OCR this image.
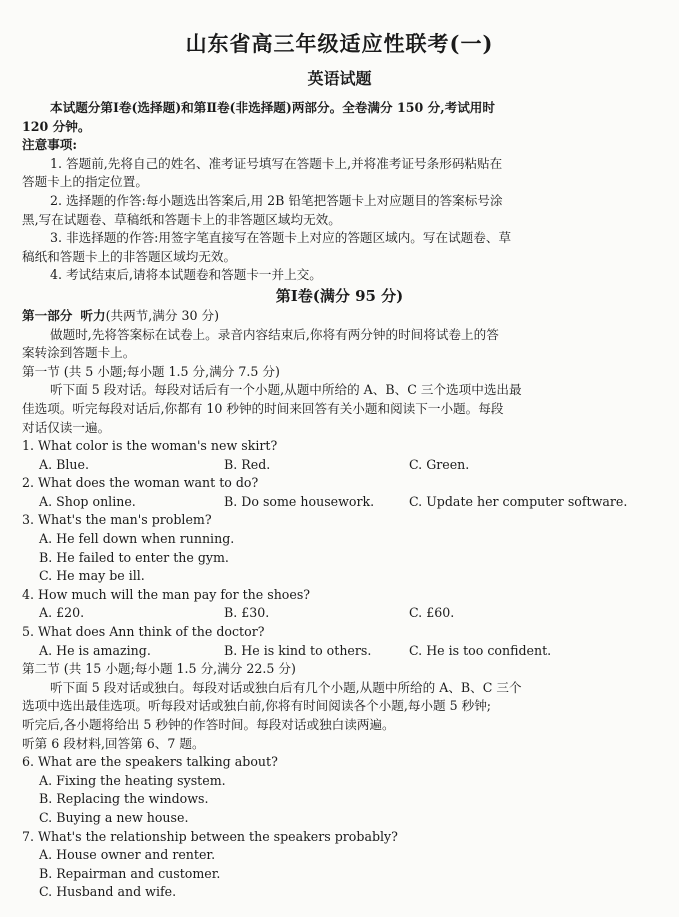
山东省高三年级适应性联考(一)
英语试题
本试题分第Ⅰ卷(选择题)和第Ⅱ卷(非选择题)两部分。全卷满分 150 分,考试用时
120 分钟。
注意事项:
1. 答题前,先将自己的姓名、准考证号填写在答题卡上,并将准考证号条形码粘贴在
答题卡上的指定位置。
2. 选择题的作答:每小题选出答案后,用 2B 铅笔把答题卡上对应题目的答案标号涂
黑,写在试题卷、草稿纸和答题卡上的非答题区域均无效。
3. 非选择题的作答:用签字笔直接写在答题卡上对应的答题区域内。写在试题卷、草
稿纸和答题卡上的非答题区域均无效。
4. 考试结束后,请将本试题卷和答题卡一并上交。
第Ⅰ卷(满分 95 分)
第一部分 听力(共两节,满分 30 分)
做题时,先将答案标在试卷上。录音内容结束后,你将有两分钟的时间将试卷上的答
案转涂到答题卡上。
第一节 (共 5 小题;每小题 1.5 分,满分 7.5 分)
听下面 5 段对话。每段对话后有一个小题,从题中所给的 A、B、C 三个选项中选出最
佳选项。听完每段对话后,你都有 10 秒钟的时间来回答有关小题和阅读下一小题。每段
对话仅读一遍。
1. What color is the woman's new skirt?
A. Blue.	B. Red.	C. Green.
2. What does the woman want to do?
A. Shop online.	B. Do some housework.	C. Update her computer software.
3. What's the man's problem?
A. He fell down when running.
B. He failed to enter the gym.
C. He may be ill.
4. How much will the man pay for the shoes?
A. £20.	B. £30.	C. £60.
5. What does Ann think of the doctor?
A. He is amazing.	B. He is kind to others.	C. He is too confident.
第二节 (共 15 小题;每小题 1.5 分,满分 22.5 分)
听下面 5 段对话或独白。每段对话或独白后有几个小题,从题中所给的 A、B、C 三个
选项中选出最佳选项。听每段对话或独白前,你将有时间阅读各个小题,每小题 5 秒钟;
听完后,各小题将给出 5 秒钟的作答时间。每段对话或独白读两遍。
听第 6 段材料,回答第 6、7 题。
6. What are the speakers talking about?
A. Fixing the heating system.
B. Replacing the windows.
C. Buying a new house.
7. What's the relationship between the speakers probably?
A. House owner and renter.
B. Repairman and customer.
C. Husband and wife.
